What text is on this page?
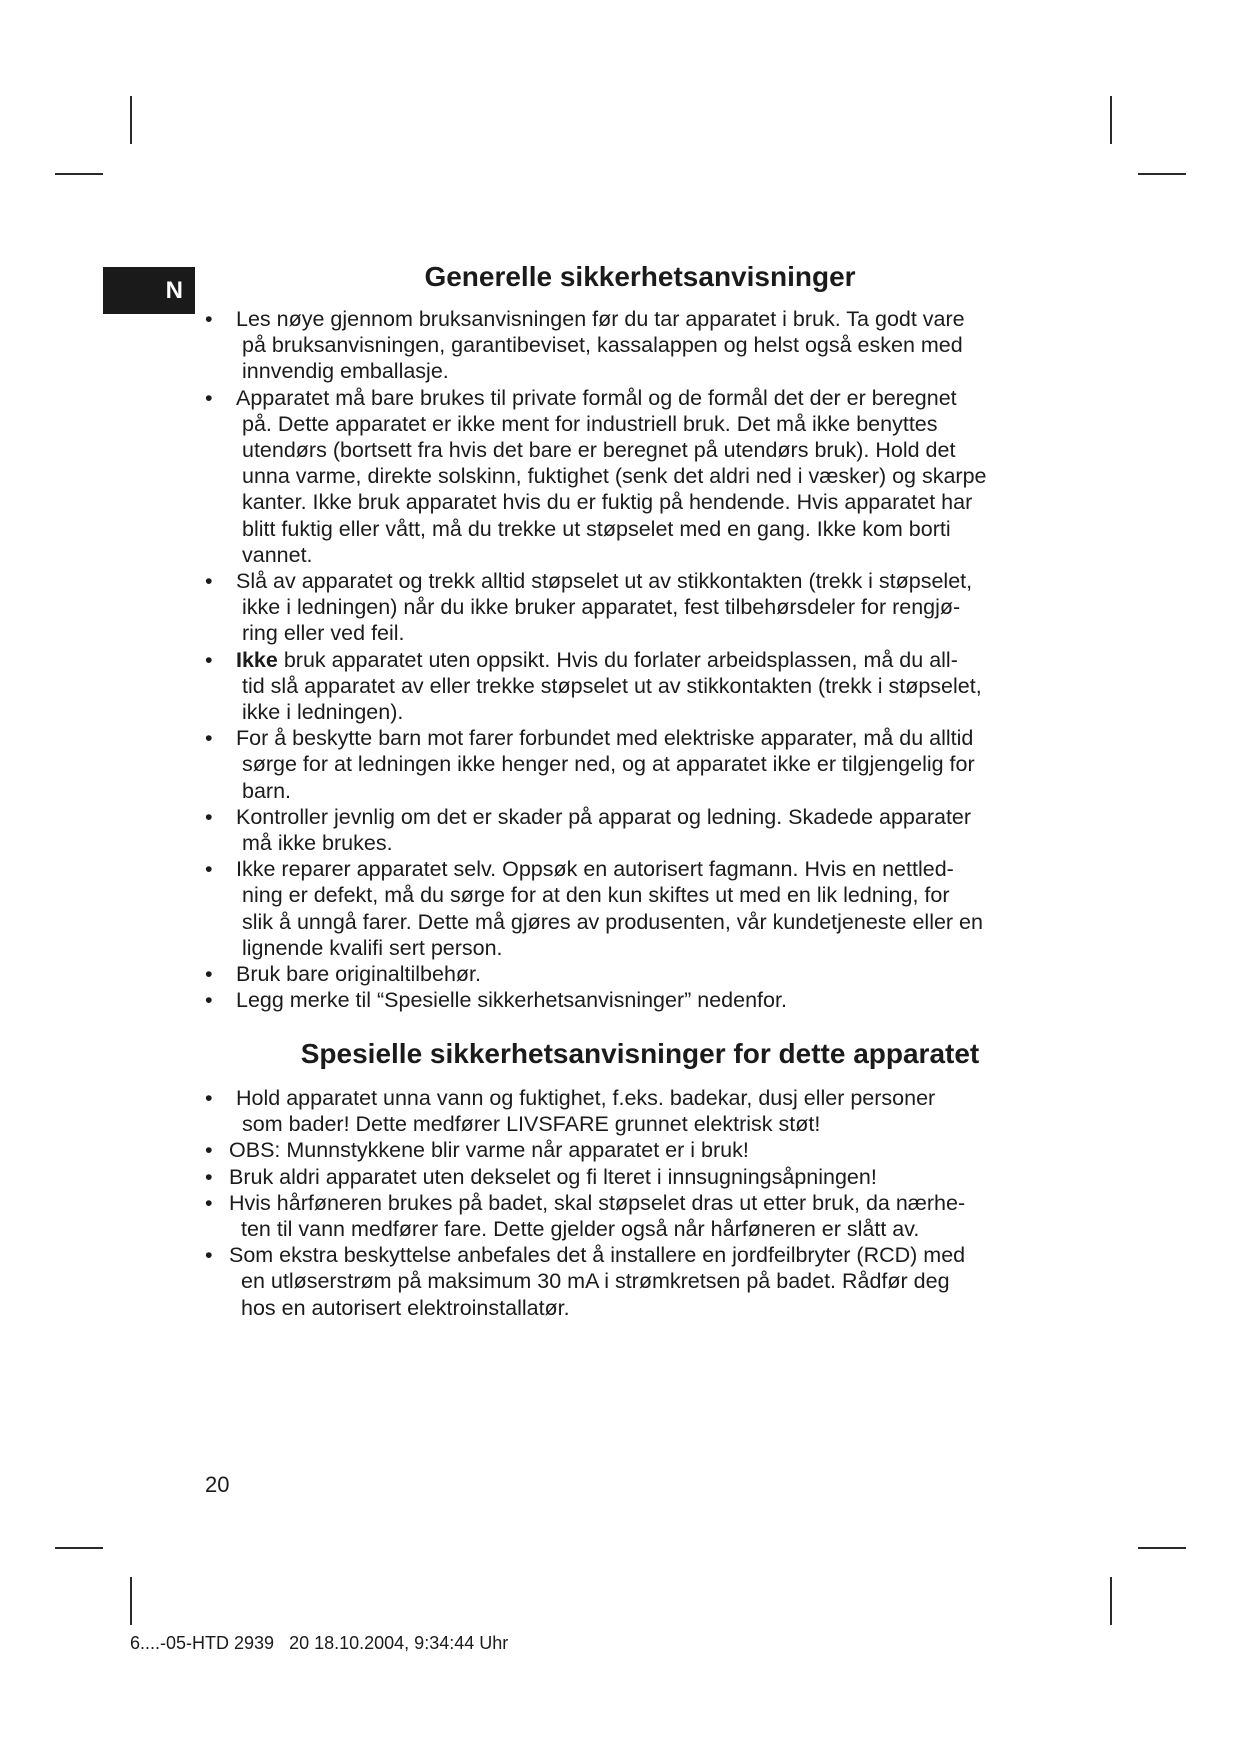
N	Generelle sikkerhetsanvisninger
• Les nøye gjennom bruksanvisningen før du tar apparatet i bruk. Ta godt vare
på bruksanvisningen, garantibeviset, kassalappen og helst også esken med
innvendig emballasje.
• Apparatet må bare brukes til private formål og de formål det der er beregnet
på. Dette apparatet er ikke ment for industriell bruk. Det må ikke benyttes
utendørs (bortsett fra hvis det bare er beregnet på utendørs bruk). Hold det
unna varme, direkte solskinn, fuktighet (senk det aldri ned i væsker) og skarpe
kanter. Ikke bruk apparatet hvis du er fuktig på hendende. Hvis apparatet har
blitt fuktig eller vått, må du trekke ut støpselet med en gang. Ikke kom borti
vannet.
• Slå av apparatet og trekk alltid støpselet ut av stikkontakten (trekk i støpselet,
ikke i ledningen) når du ikke bruker apparatet, fest tilbehørsdeler for rengjø-
ring eller ved feil.
• Ikke bruk apparatet uten oppsikt. Hvis du forlater arbeidsplassen, må du all-
tid slå apparatet av eller trekke støpselet ut av stikkontakten (trekk i støpselet,
ikke i ledningen).
• For å beskytte barn mot farer forbundet med elektriske apparater, må du alltid
sørge for at ledningen ikke henger ned, og at apparatet ikke er tilgjengelig for
barn.
• Kontroller jevnlig om det er skader på apparat og ledning. Skadede apparater
må ikke brukes.
• Ikke reparer apparatet selv. Oppsøk en autorisert fagmann. Hvis en nettled-
ning er defekt, må du sørge for at den kun skiftes ut med en lik ledning, for
slik å unngå farer. Dette må gjøres av produsenten, vår kundetjeneste eller en
lignende kvalifi sert person.
• Bruk bare originaltilbehør.
• Legg merke til “Spesielle sikkerhetsanvisninger” nedenfor.
Spesielle sikkerhetsanvisninger for dette apparatet
• Hold apparatet unna vann og fuktighet, f.eks. badekar, dusj eller personer
som bader! Dette medfører LIVSFARE grunnet elektrisk støt!
• OBS: Munnstykkene blir varme når apparatet er i bruk!
• Bruk aldri apparatet uten dekselet og fi lteret i innsugningsåpningen!
• Hvis hårføneren brukes på badet, skal støpselet dras ut etter bruk, da nærhe-
ten til vann medfører fare. Dette gjelder også når hårføneren er slått av.
• Som ekstra beskyttelse anbefales det å installere en jordfeilbryter (RCD) med
en utløserstrøm på maksimum 30 mA i strømkretsen på badet. Rådfør deg
hos en autorisert elektroinstallatør.
20
6....-05-HTD 2939   20 18.10.2004, 9:34:44 Uhr
